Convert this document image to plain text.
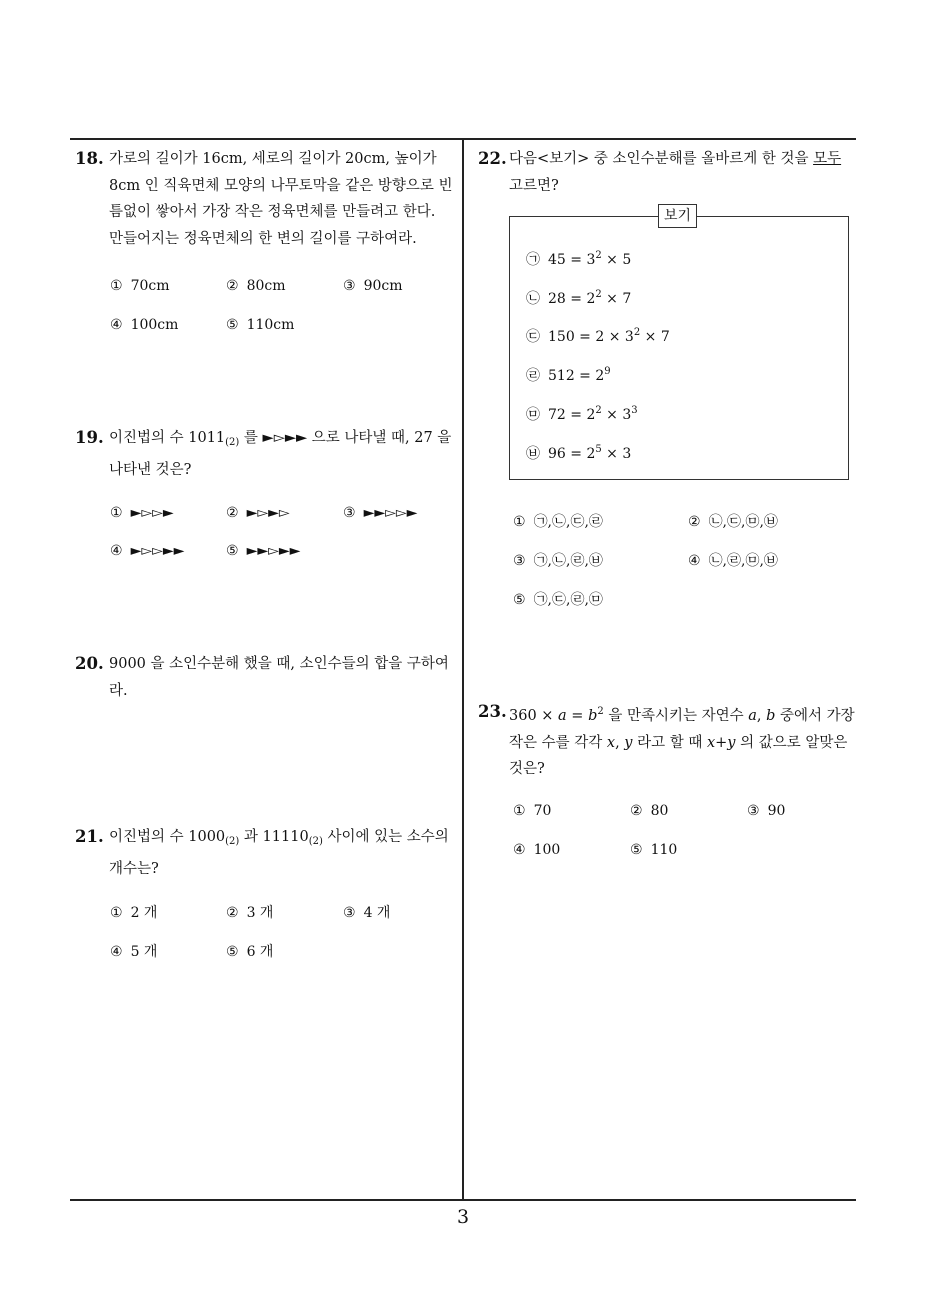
3
18. 가로의 길이가 16cm, 세로의 길이가 20cm, 높이가
8cm 인 직육면체 모양의 나무토막을 같은 방향으로 빈
틈없이 쌓아서 가장 작은 정육면체를 만들려고 한다.
만들어지는 정육면체의 한 변의 길이를 구하여라.
① 70cm	② 80cm	③ 90cm
④ 100cm	⑤ 110cm
19. 이진법의 수 $1011_{(2)}$ 를 ►▻►► 으로 나타낼 때, 27 을
나타낸 것은?
① ►▻▻►	② ►▻►▻	③ ►►▻▻►
④ ►▻▻►►	⑤ ►►▻►►
20. 9000 을 소인수분해 했을 때, 소인수들의 합을 구하여
라.
21. 이진법의 수 $1000_{(2)}$ 과 $11110_{(2)}$ 사이에 있는 소수의
개수는?
① 2 개	② 3 개	③ 4 개
④ 5 개	⑤ 6 개
22. 다음<보기> 중 소인수분해를 올바르게 한 것을 모두
고르면?
보기
㉠ $45 = 3^2 \times 5$
㉡ $28 = 2^2 \times 7$
㉢ $150 = 2 \times 3^2 \times 7$
㉣ $512 = 2^9$
㉤ $72 = 2^2 \times 3^3$
㉥ $96 = 2^5 \times 3$
① ㉠,㉡,㉢,㉣	② ㉡,㉢,㉤,㉥
③ ㉠,㉡,㉣,㉥	④ ㉡,㉣,㉤,㉥
⑤ ㉠,㉢,㉣,㉤
23. $360 \times a = b^2$ 을 만족시키는 자연수 a, b 중에서 가장
작은 수를 각각 x, y 라고 할 때 x+y 의 값으로 알맞은
것은?
① 70	② 80	③ 90
④ 100	⑤ 110
